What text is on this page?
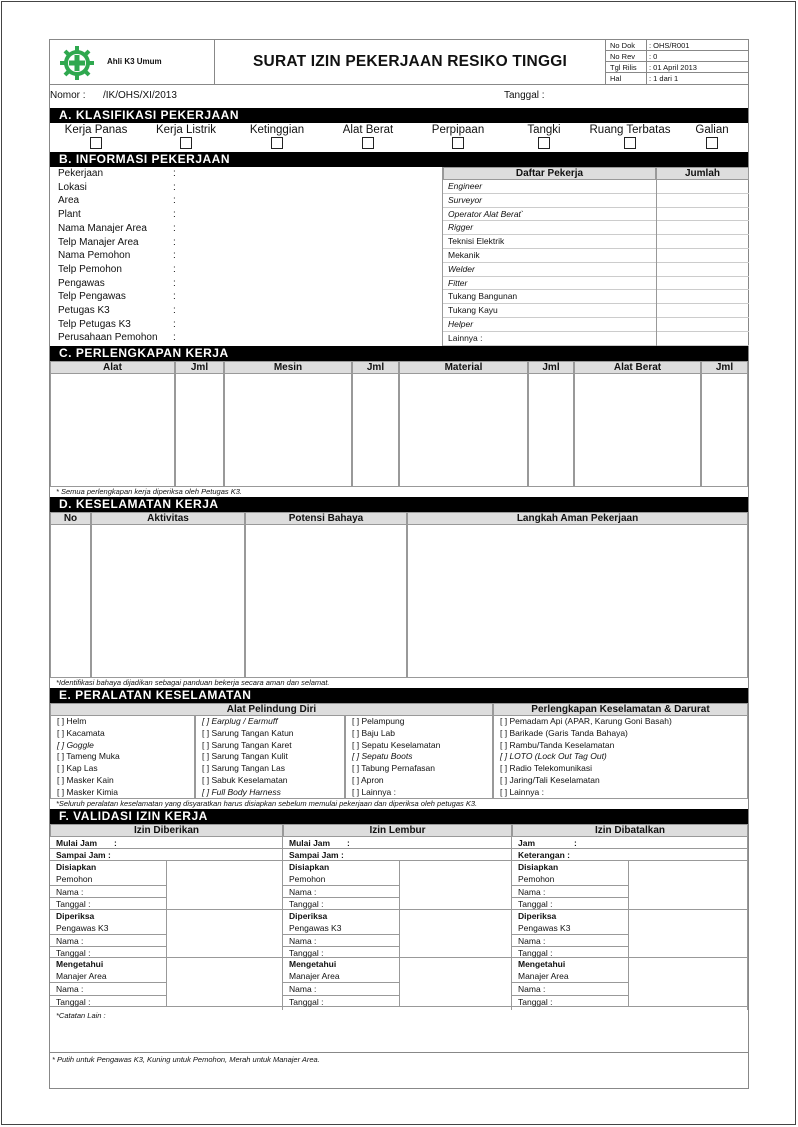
Ahli K3 Umum	SURAT IZIN PEKERJAAN RESIKO TINGGI
No Dok	: OHS/R001
No Rev	: 0
Tgl Rilis	: 01 April 2013
Hal	: 1 dari 1
Nomor : /IK/OHS/XI/2013	Tanggal :
A. KLASIFIKASI PEKERJAAN
Kerja Panas	Kerja Listrik	Ketinggian	Alat Berat	Perpipaan	Tangki	Ruang Terbatas	Galian
B. INFORMASI PEKERJAAN
Pekerjaan	:
Lokasi	:
Area	:
Plant	:
Nama Manajer Area	:
Telp Manajer Area	:
Nama Pemohon	:
Telp Pemohon	:
Pengawas	:
Telp Pengawas	:
Petugas K3	:
Telp Petugas K3	:
Perusahaan Pemohon :
Daftar Pekerja	Jumlah
Engineer
Surveyor
Operator Alat Berat`
Rigger
Teknisi Elektrik
Mekanik
Welder
Fitter
Tukang Bangunan
Tukang Kayu
Helper
Lainnya :
C. PERLENGKAPAN KERJA
Alat	Jml	Mesin	Jml	Material	Jml	Alat Berat	Jml
* Semua perlengkapan kerja diperiksa oleh Petugas K3.
D. KESELAMATAN KERJA
No	Aktivitas	Potensi Bahaya	Langkah Aman Pekerjaan
*Identifikasi bahaya dijadikan sebagai panduan bekerja secara aman dan selamat.
E. PERALATAN KESELAMATAN
Alat Pelindung Diri	Perlengkapan Keselamatan & Darurat
[ ] Helm
[ ] Kacamata
[ ] Goggle
[ ] Tameng Muka
[ ] Kap Las
[ ] Masker Kain
[ ] Masker Kimia
[ ] Earplug / Earmuff
[ ] Sarung Tangan Katun
[ ] Sarung Tangan Karet
[ ] Sarung Tangan Kulit
[ ] Sarung Tangan Las
[ ] Sabuk Keselamatan
[ ] Full Body Harness
[ ] Pelampung
[ ] Baju Lab
[ ] Sepatu Keselamatan
[ ] Sepatu Boots
[ ] Tabung Pernafasan
[ ] Apron
[ ] Lainnya :
[ ] Pemadam Api (APAR, Karung Goni Basah)
[ ] Barikade (Garis Tanda Bahaya)
[ ] Rambu/Tanda Keselamatan
[ ] LOTO (Lock Out Tag Out)
[ ] Radio Telekomunikasi
[ ] Jaring/Tali Keselamatan
[ ] Lainnya :
*Seluruh peralatan keselamatan yang disyaratkan harus disiapkan sebelum memulai pekerjaan dan diperiksa oleh petugas K3.
F. VALIDASI IZIN KERJA
Izin Diberikan
Mulai Jam :
Sampai Jam :
Disiapkan
Pemohon
Nama :
Tanggal :
Diperiksa
Pengawas K3
Nama :
Tanggal :
Mengetahui
Manajer Area
Nama :
Tanggal :
Izin Lembur
Mulai Jam :
Sampai Jam :
Disiapkan
Pemohon
Nama :
Tanggal :
Diperiksa
Pengawas K3
Nama :
Tanggal :
Mengetahui
Manajer Area
Nama :
Tanggal :
Izin Dibatalkan
Jam	:
Keterangan :
Disiapkan
Pemohon
Nama :
Tanggal :
Diperiksa
Pengawas K3
Nama :
Tanggal :
Mengetahui
Manajer Area
Nama :
Tanggal :
*Catatan Lain :
* Putih untuk Pengawas K3, Kuning untuk Pemohon, Merah untuk Manajer Area.
